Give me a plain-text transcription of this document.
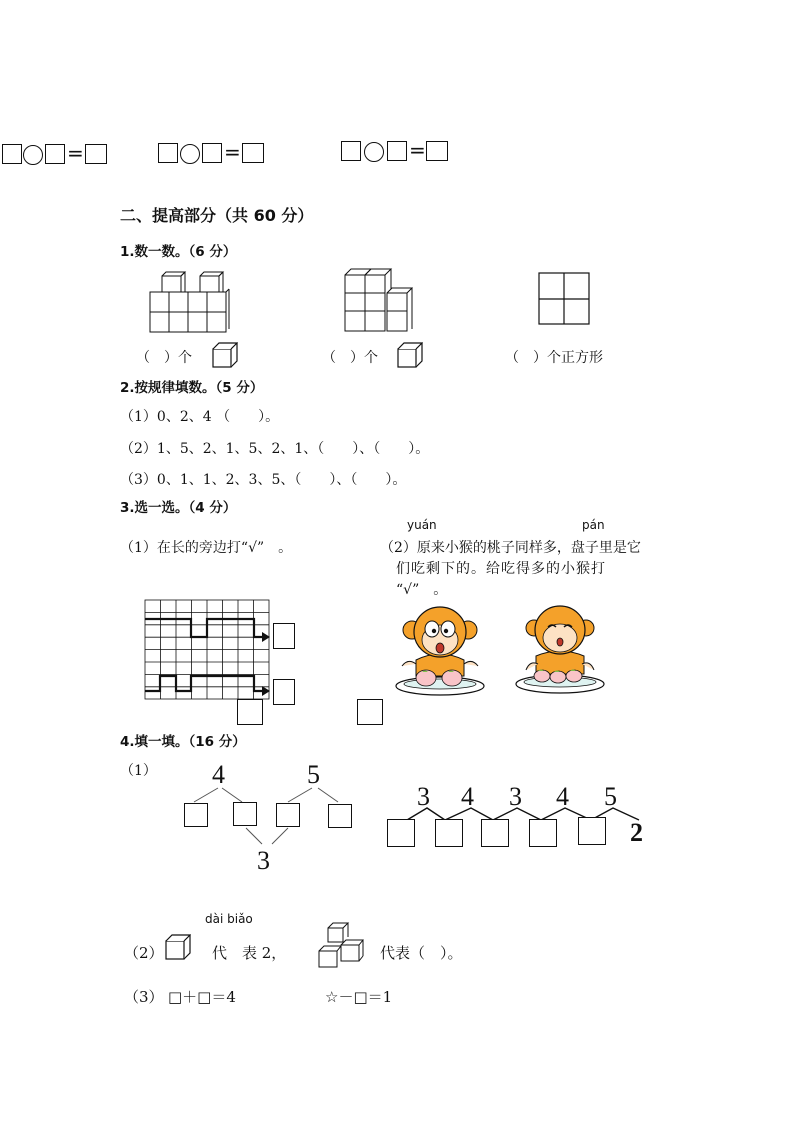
=	=	=
二、提高部分（共 60 分）
1.数一数。（6 分）
（　）个	（　）个	（　）个正方形
2.按规律填数。（5 分）
（1）0、2、4 （　　）。
（2）1、5、2、1、5、2、1、（　　）、（　　）。
（3）0、1、1、2、3、5、（　　）、（　　）。
3.选一选。（4 分）
（1）在长的旁边打“√”　。
yuán	pán
（2）原来小猴的桃子同样多，盘子里是它
们吃剩下的。给吃得多的小猴打
“√”　。
4.填一填。（16 分）
（1） 4	5
3
3 4 3 4 5
2
dài biǎo
（2）	代　表 2，	代表（　）。
（3） □＋□＝4	☆－□＝1
